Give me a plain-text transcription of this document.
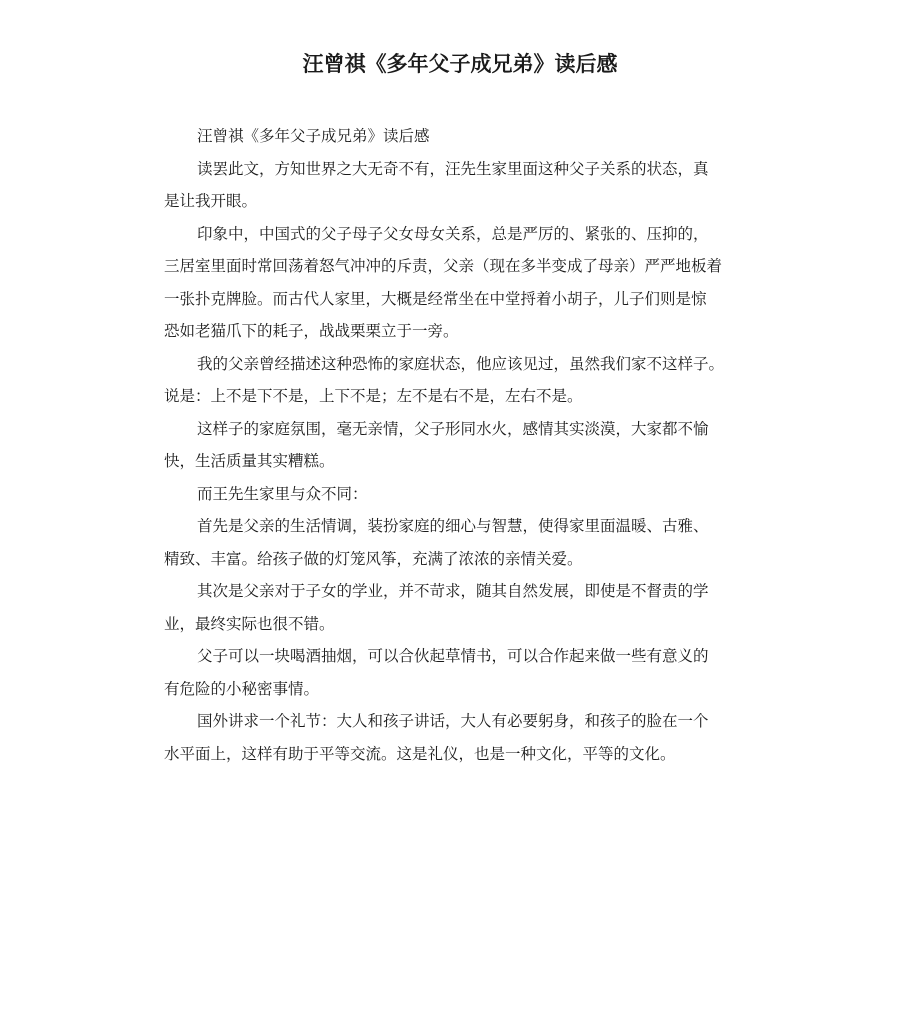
汪曾祺《多年父子成兄弟》读后感

汪曾祺《多年父子成兄弟》读后感

读罢此文，方知世界之大无奇不有，汪先生家里面这种父子关系的状态，真
是让我开眼。

印象中，中国式的父子母子父女母女关系，总是严厉的、紧张的、压抑的，
三居室里面时常回荡着怒气冲冲的斥责，父亲（现在多半变成了母亲）严严地板着
一张扑克牌脸。而古代人家里，大概是经常坐在中堂捋着小胡子，儿子们则是惊
恐如老猫爪下的耗子，战战栗栗立于一旁。

我的父亲曾经描述这种恐怖的家庭状态，他应该见过，虽然我们家不这样子。
说是：上不是下不是，上下不是；左不是右不是，左右不是。

这样子的家庭氛围，毫无亲情，父子形同水火，感情其实淡漠，大家都不愉
快，生活质量其实糟糕。

而王先生家里与众不同：

首先是父亲的生活情调，装扮家庭的细心与智慧，使得家里面温暖、古雅、
精致、丰富。给孩子做的灯笼风筝，充满了浓浓的亲情关爱。

其次是父亲对于子女的学业，并不苛求，随其自然发展，即使是不督责的学
业，最终实际也很不错。

父子可以一块喝酒抽烟，可以合伙起草情书，可以合作起来做一些有意义的
有危险的小秘密事情。

国外讲求一个礼节：大人和孩子讲话，大人有必要躬身，和孩子的脸在一个
水平面上，这样有助于平等交流。这是礼仪，也是一种文化，平等的文化。
